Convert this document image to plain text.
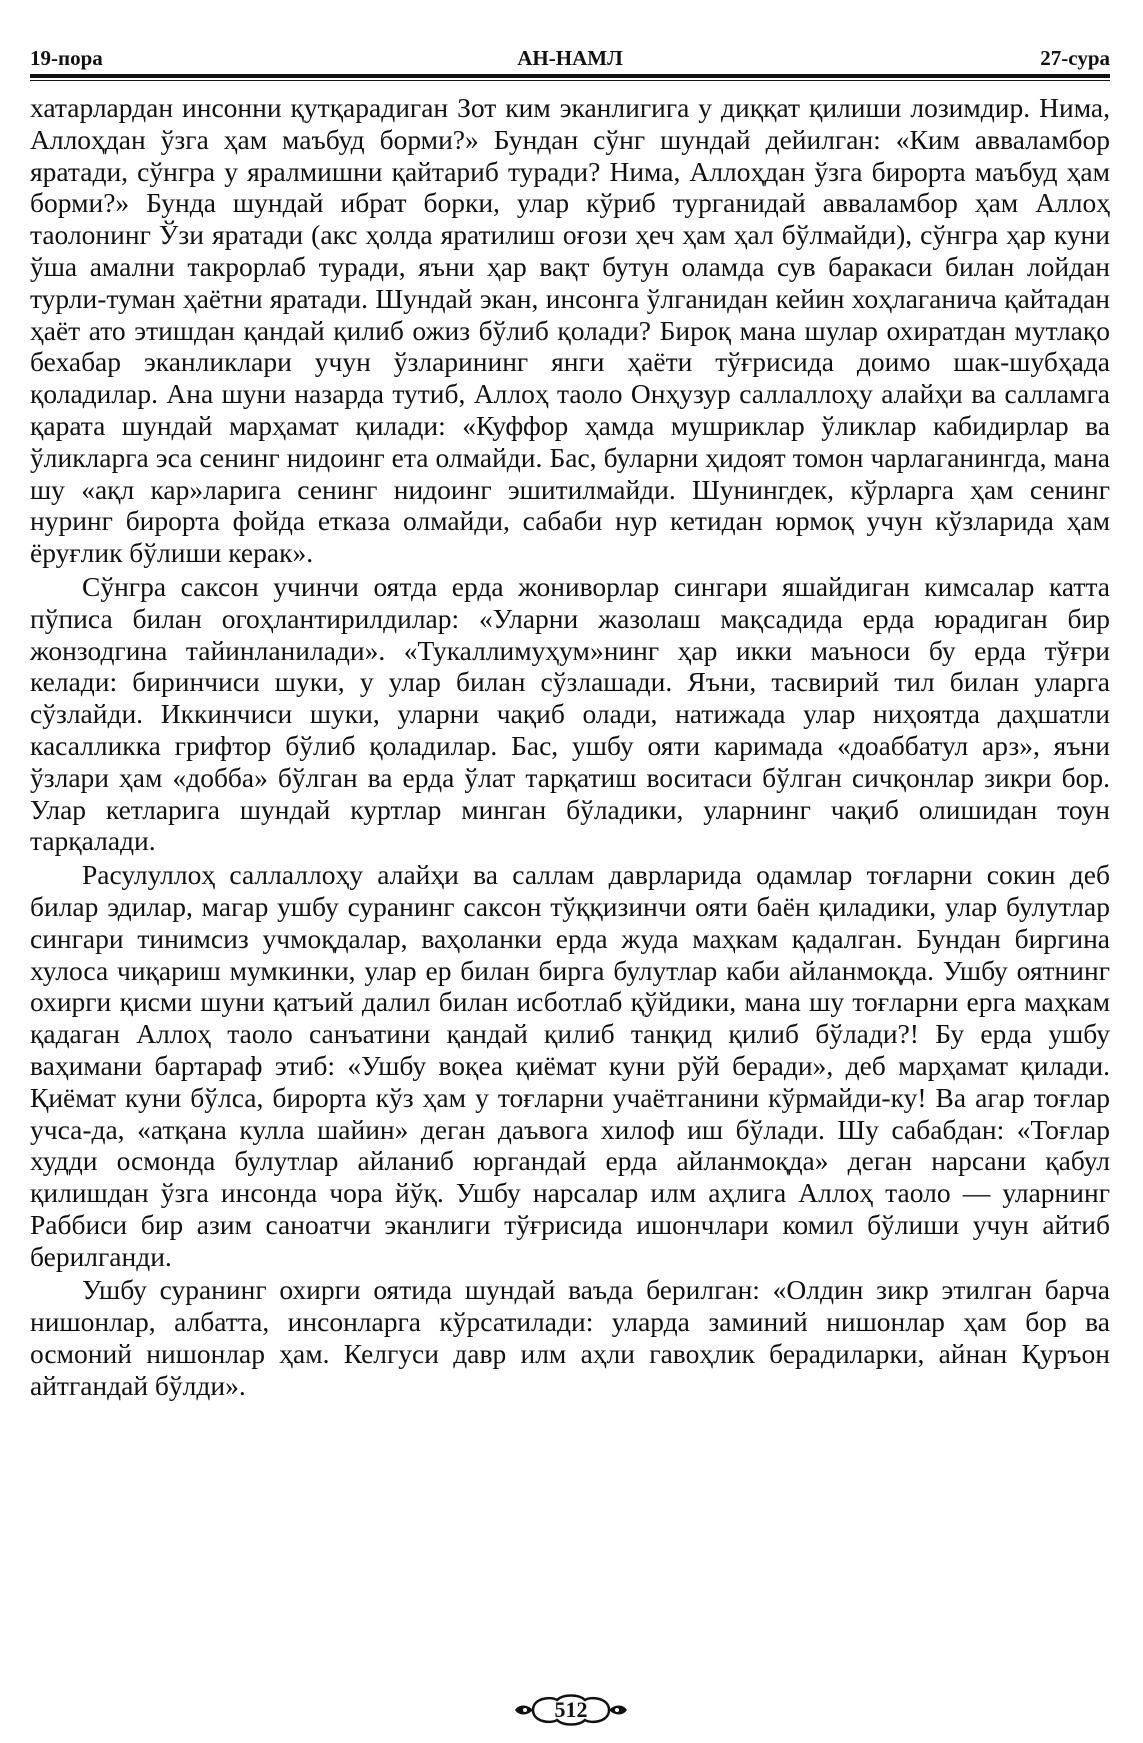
19-пора	АН-НАМЛ	27-сура

хатарлардан инсонни қутқарадиган Зот ким эканлигига у диққат қилиши лозимдир. Нима, Аллоҳдан ўзга ҳам маъбуд борми?» Бундан сўнг шундай дейилган: «Ким авваламбор яратади, сўнгра у яралмишни қайтариб туради? Нима, Аллоҳдан ўзга бирорта маъбуд ҳам борми?» Бунда шундай ибрат борки, улар кўриб турганидай авваламбор ҳам Аллоҳ таолонинг Ўзи яратади (акс ҳолда яратилиш оғози ҳеч ҳам ҳал бўлмайди), сўнгра ҳар куни ўша амални такрорлаб туради, яъни ҳар вақт бутун оламда сув баракаси билан лойдан турли-туман ҳаётни яратади. Шундай экан, инсонга ўлганидан кейин хоҳлаганича қайтадан ҳаёт ато этишдан қандай қилиб ожиз бўлиб қолади? Бироқ мана шулар охиратдан мутлақо бехабар эканликлари учун ўзларининг янги ҳаёти тўғрисида доимо шак-шубҳада қоладилар. Ана шуни назарда тутиб, Аллоҳ таоло Онҳузур саллаллоҳу алайҳи ва салламга қарата шундай марҳамат қилади: «Куффор ҳамда мушриклар ўликлар кабидирлар ва ўликларга эса сенинг нидоинг ета олмайди. Бас, буларни ҳидоят томон чарлаганингда, мана шу «ақл кар»ларига сенинг нидоинг эшитилмайди. Шунингдек, кўрларга ҳам сенинг нуринг бирорта фойда етказа олмайди, сабаби нур кетидан юрмоқ учун кўзларида ҳам ёруғлик бўлиши керак».

Сўнгра саксон учинчи оятда ерда жониворлар сингари яшайдиган кимсалар катта пўписа билан огоҳлантирилдилар: «Уларни жазолаш мақсадида ерда юрадиган бир жонзодгина тайинланилади». «Тукаллимуҳум»нинг ҳар икки маъноси бу ерда тўғри келади: биринчиси шуки, у улар билан сўзлашади. Яъни, тасвирий тил билан уларга сўзлайди. Иккинчиси шуки, уларни чақиб олади, натижада улар ниҳоятда даҳшатли касалликка грифтор бўлиб қоладилар. Бас, ушбу ояти каримада «доаббатул арз», яъни ўзлари ҳам «добба» бўлган ва ерда ўлат тарқатиш воситаси бўлган сичқонлар зикри бор. Улар кетларига шундай куртлар минган бўладики, уларнинг чақиб олишидан тоун тарқалади.

Расулуллоҳ саллаллоҳу алайҳи ва саллам даврларида одамлар тоғларни сокин деб билар эдилар, магар ушбу суранинг саксон тўққизинчи ояти баён қиладики, улар булутлар сингари тинимсиз учмоқдалар, ваҳоланки ерда жуда маҳкам қадалган. Бундан биргина хулоса чиқариш мумкинки, улар ер билан бирга булутлар каби айланмоқда. Ушбу оятнинг охирги қисми шуни қатъий далил билан исботлаб қўйдики, мана шу тоғларни ерга маҳкам қадаган Аллоҳ таоло санъатини қандай қилиб танқид қилиб бўлади?! Бу ерда ушбу ваҳимани бартараф этиб: «Ушбу воқеа қиёмат куни рўй беради», деб марҳамат қилади. Қиёмат куни бўлса, бирорта кўз ҳам у тоғларни учаётганини кўрмайди-ку! Ва агар тоғлар учса-да, «атқана кулла шайин» деган даъвога хилоф иш бўлади. Шу сабабдан: «Тоғлар худди осмонда булутлар айланиб юргандай ерда айланмоқда» деган нарсани қабул қилишдан ўзга инсонда чора йўқ. Ушбу нарсалар илм аҳлига Аллоҳ таоло — уларнинг Раббиси бир азим саноатчи эканлиги тўғрисида ишончлари комил бўлиши учун айтиб берилганди.

Ушбу суранинг охирги оятида шундай ваъда берилган: «Олдин зикр этилган барча нишонлар, албатта, инсонларга кўрсатилади: уларда заминий нишонлар ҳам бор ва осмоний нишонлар ҳам. Келгуси давр илм аҳли гавоҳлик берадиларки, айнан Қуръон айтгандай бўлди».

512
